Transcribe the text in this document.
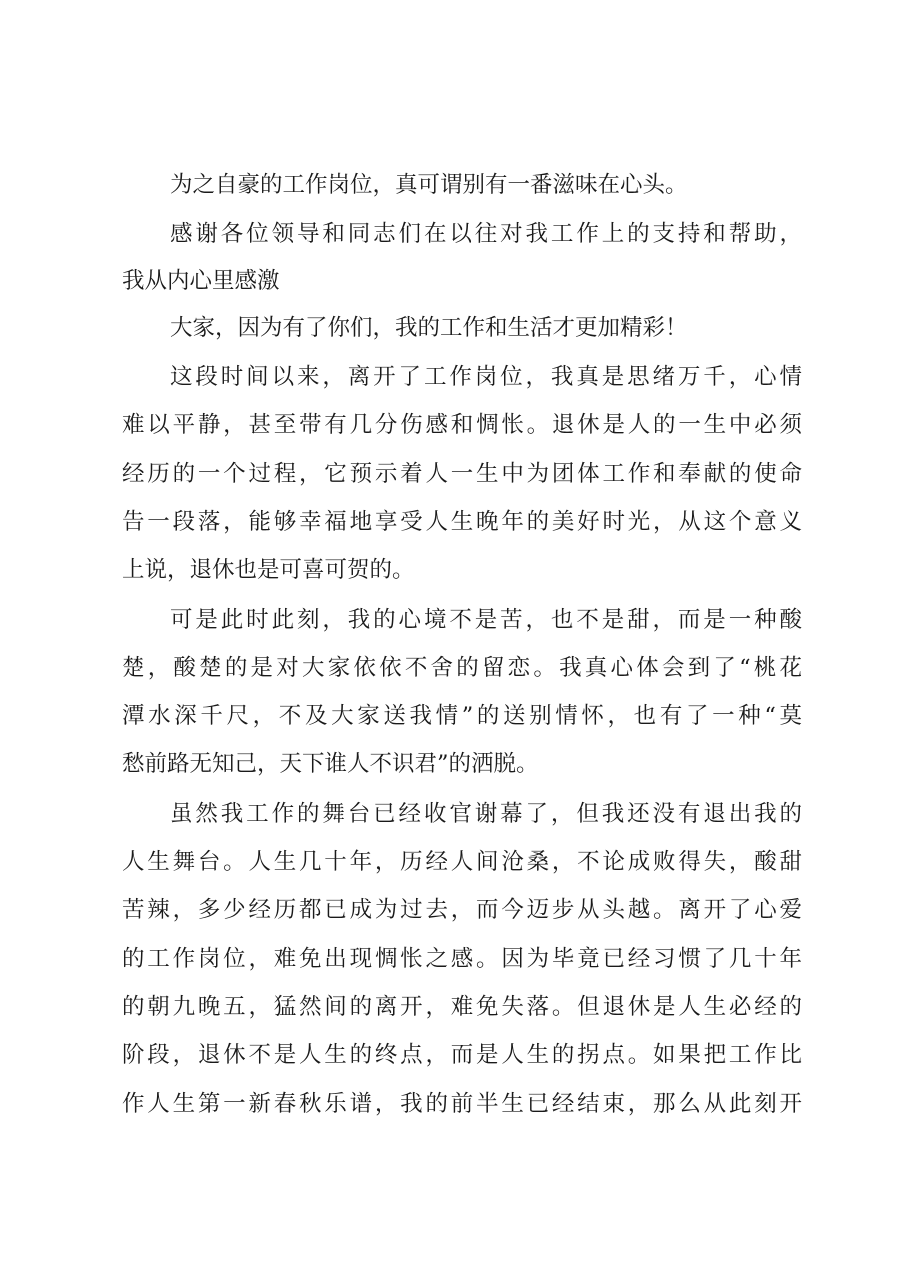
为之自豪的工作岗位，真可谓别有一番滋味在心头。
感谢各位领导和同志们在以往对我工作上的支持和帮助，
我从内心里感激
大家，因为有了你们，我的工作和生活才更加精彩！
这段时间以来，离开了工作岗位，我真是思绪万千，心情
难以平静，甚至带有几分伤感和惆怅。退休是人的一生中必须
经历的一个过程，它预示着人一生中为团体工作和奉献的使命
告一段落，能够幸福地享受人生晚年的美好时光，从这个意义
上说，退休也是可喜可贺的。
可是此时此刻，我的心境不是苦，也不是甜，而是一种酸
楚，酸楚的是对大家依依不舍的留恋。我真心体会到了“桃花
潭水深千尺，不及大家送我情”的送别情怀，也有了一种“莫
愁前路无知己，天下谁人不识君”的洒脱。
虽然我工作的舞台已经收官谢幕了，但我还没有退出我的
人生舞台。人生几十年，历经人间沧桑，不论成败得失，酸甜
苦辣，多少经历都已成为过去，而今迈步从头越。离开了心爱
的工作岗位，难免出现惆怅之感。因为毕竟已经习惯了几十年
的朝九晚五，猛然间的离开，难免失落。但退休是人生必经的
阶段，退休不是人生的终点，而是人生的拐点。如果把工作比
作人生第一新春秋乐谱，我的前半生已经结束，那么从此刻开
